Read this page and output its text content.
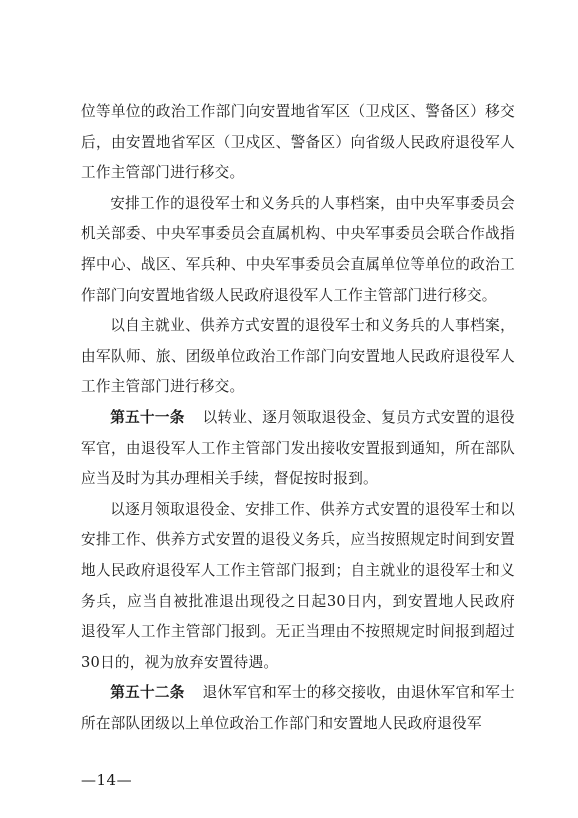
位等单位的政治工作部门向安置地省军区（卫戍区、警备区）移交后，由安置地省军区（卫戍区、警备区）向省级人民政府退役军人工作主管部门进行移交。

安排工作的退役军士和义务兵的人事档案，由中央军事委员会机关部委、中央军事委员会直属机构、中央军事委员会联合作战指挥中心、战区、军兵种、中央军事委员会直属单位等单位的政治工作部门向安置地省级人民政府退役军人工作主管部门进行移交。

以自主就业、供养方式安置的退役军士和义务兵的人事档案，由军队师、旅、团级单位政治工作部门向安置地人民政府退役军人工作主管部门进行移交。

第五十一条 以转业、逐月领取退役金、复员方式安置的退役军官，由退役军人工作主管部门发出接收安置报到通知，所在部队应当及时为其办理相关手续，督促按时报到。

以逐月领取退役金、安排工作、供养方式安置的退役军士和以安排工作、供养方式安置的退役义务兵，应当按照规定时间到安置地人民政府退役军人工作主管部门报到；自主就业的退役军士和义务兵，应当自被批准退出现役之日起30日内，到安置地人民政府退役军人工作主管部门报到。无正当理由不按照规定时间报到超过30日的，视为放弃安置待遇。

第五十二条 退休军官和军士的移交接收，由退休军官和军士所在部队团级以上单位政治工作部门和安置地人民政府退役军

—14—
